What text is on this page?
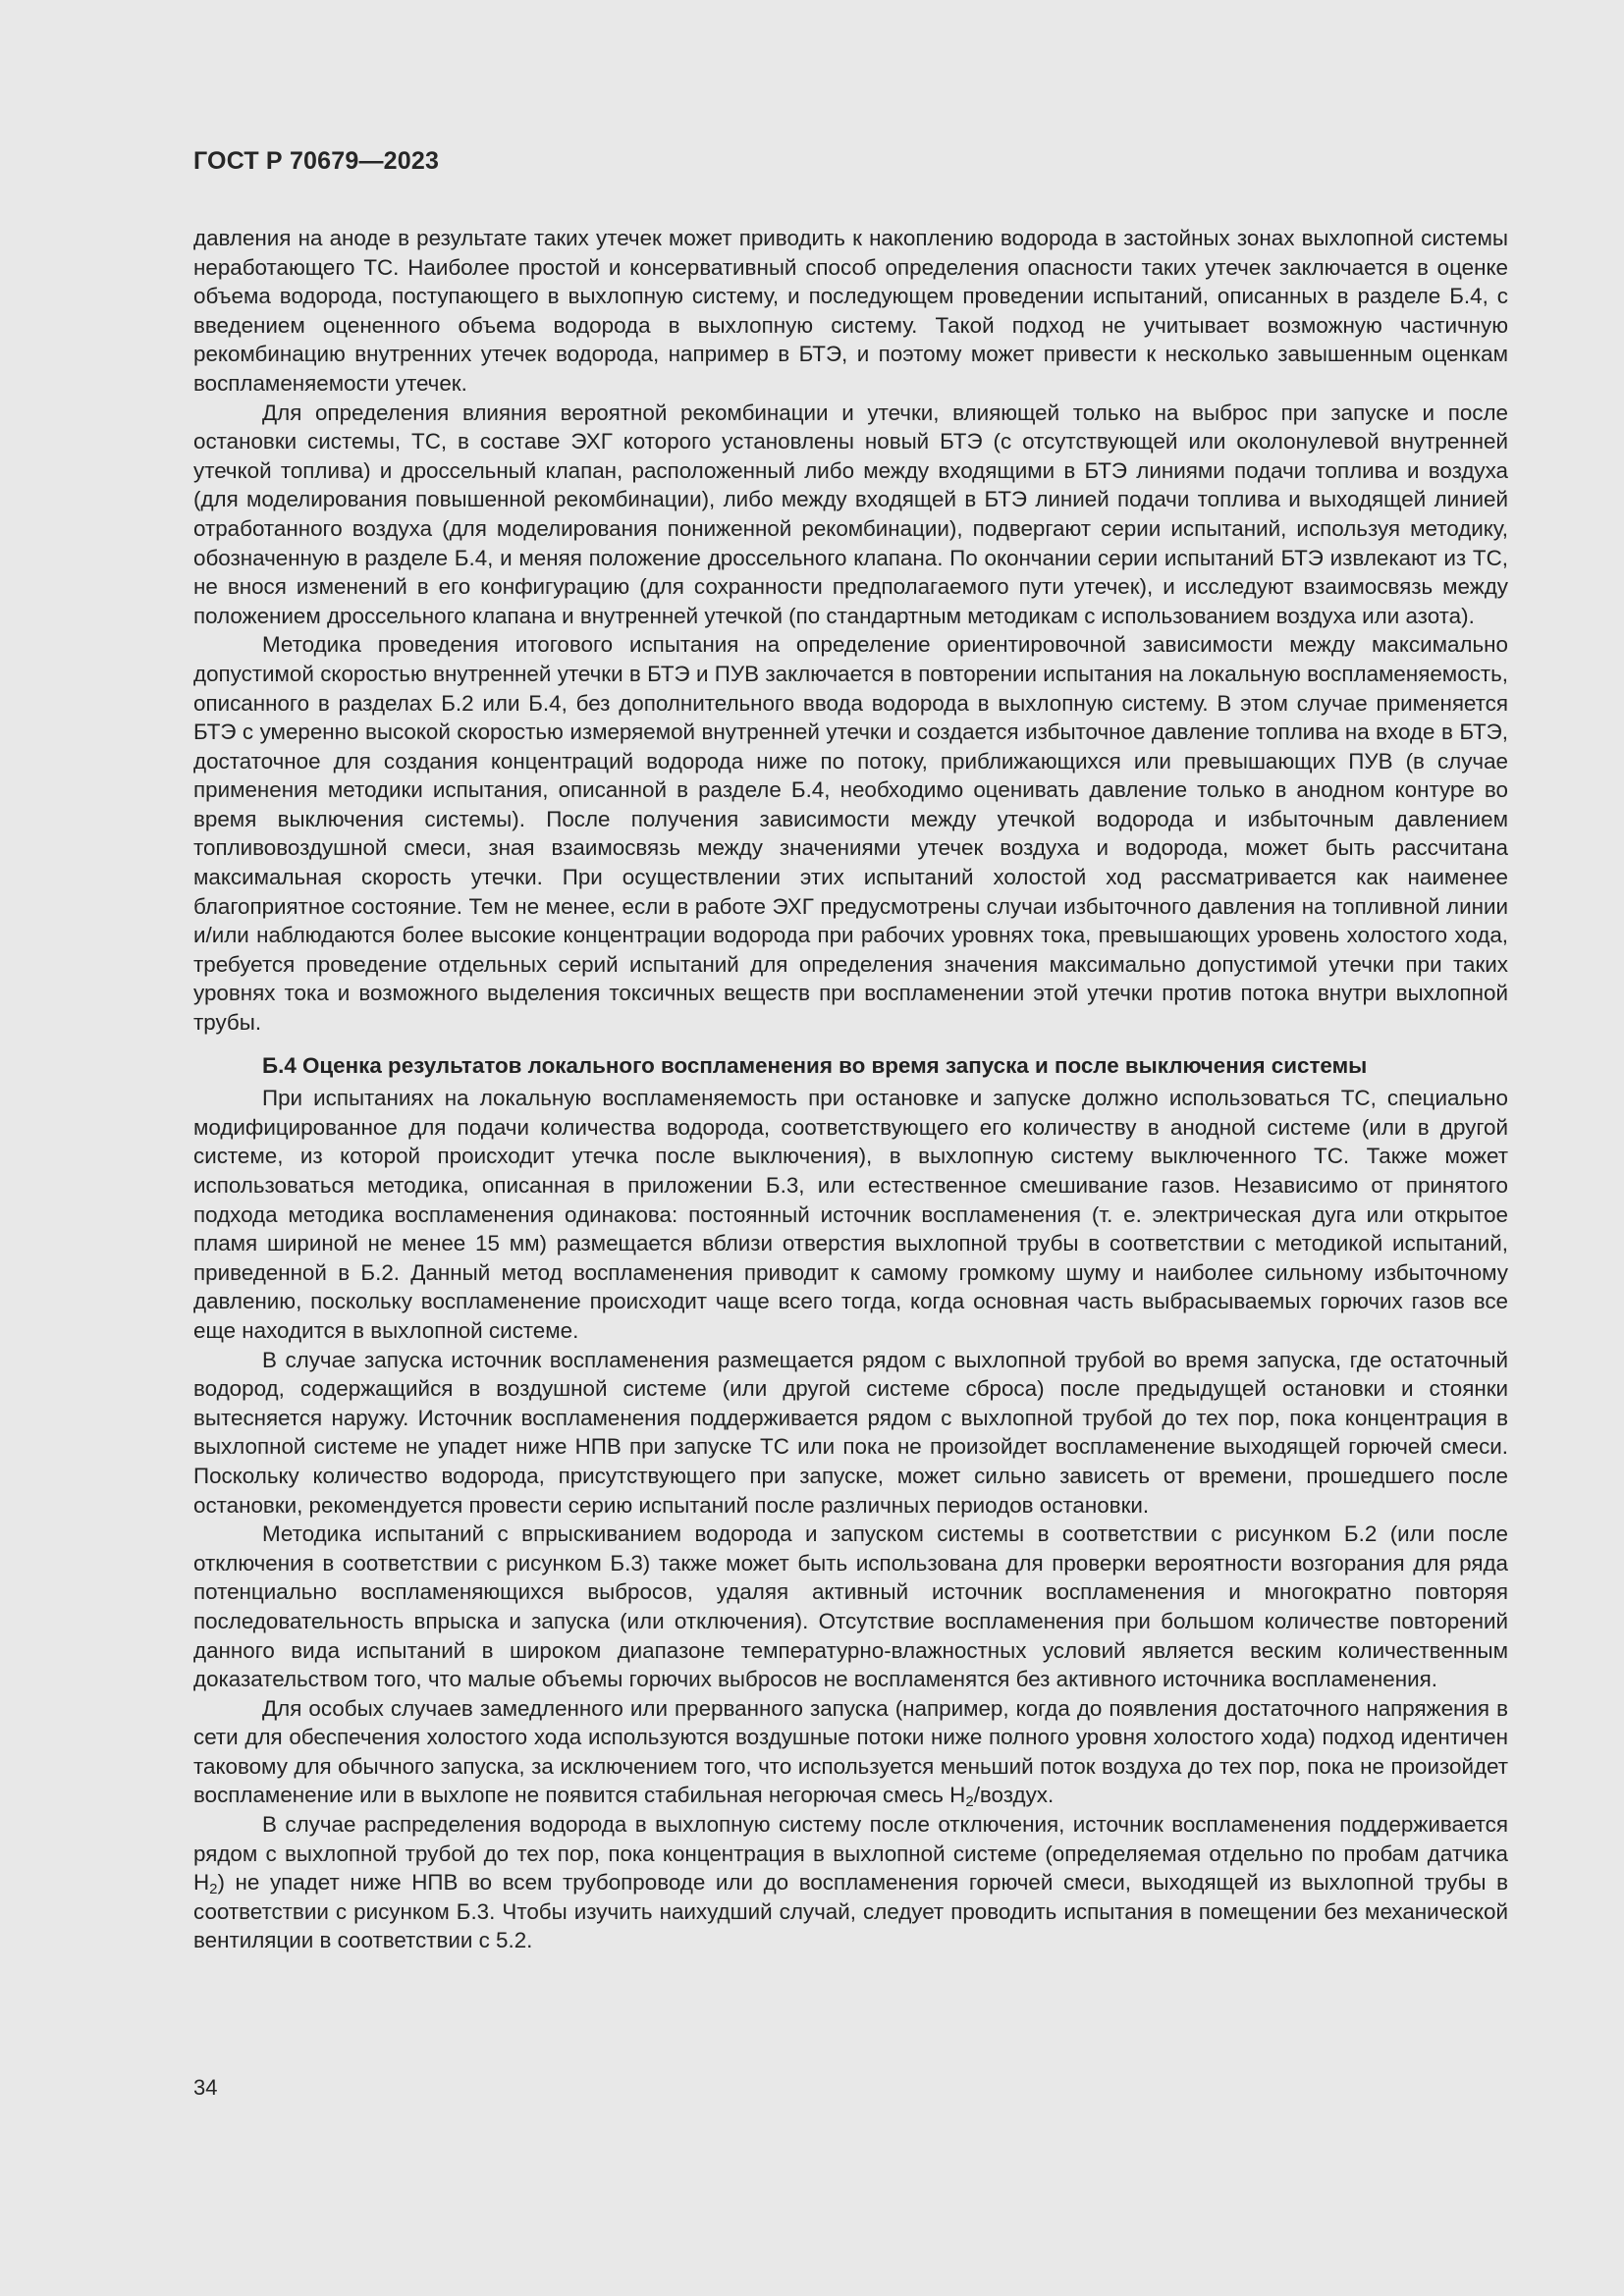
ГОСТ Р 70679—2023

давления на аноде в результате таких утечек может приводить к накоплению водорода в застойных зонах выхлопной системы неработающего ТС. Наиболее простой и консервативный способ определения опасности таких утечек заключается в оценке объема водорода, поступающего в выхлопную систему, и последующем проведении испытаний, описанных в разделе Б.4, с введением оцененного объема водорода в выхлопную систему. Такой подход не учитывает возможную частичную рекомбинацию внутренних утечек водорода, например в БТЭ, и поэтому может привести к несколько завышенным оценкам воспламеняемости утечек.

Для определения влияния вероятной рекомбинации и утечки, влияющей только на выброс при запуске и после остановки системы, ТС, в составе ЭХГ которого установлены новый БТЭ (с отсутствующей или околонулевой внутренней утечкой топлива) и дроссельный клапан, расположенный либо между входящими в БТЭ линиями подачи топлива и воздуха (для моделирования повышенной рекомбинации), либо между входящей в БТЭ линией подачи топлива и выходящей линией отработанного воздуха (для моделирования пониженной рекомбинации), подвергают серии испытаний, используя методику, обозначенную в разделе Б.4, и меняя положение дроссельного клапана. По окончании серии испытаний БТЭ извлекают из ТС, не внося изменений в его конфигурацию (для сохранности предполагаемого пути утечек), и исследуют взаимосвязь между положением дроссельного клапана и внутренней утечкой (по стандартным методикам с использованием воздуха или азота).

Методика проведения итогового испытания на определение ориентировочной зависимости между максимально допустимой скоростью внутренней утечки в БТЭ и ПУВ заключается в повторении испытания на локальную воспламеняемость, описанного в разделах Б.2 или Б.4, без дополнительного ввода водорода в выхлопную систему. В этом случае применяется БТЭ с умеренно высокой скоростью измеряемой внутренней утечки и создается избыточное давление топлива на входе в БТЭ, достаточное для создания концентраций водорода ниже по потоку, приближающихся или превышающих ПУВ (в случае применения методики испытания, описанной в разделе Б.4, необходимо оценивать давление только в анодном контуре во время выключения системы). После получения зависимости между утечкой водорода и избыточным давлением топливовоздушной смеси, зная взаимосвязь между значениями утечек воздуха и водорода, может быть рассчитана максимальная скорость утечки. При осуществлении этих испытаний холостой ход рассматривается как наименее благоприятное состояние. Тем не менее, если в работе ЭХГ предусмотрены случаи избыточного давления на топливной линии и/или наблюдаются более высокие концентрации водорода при рабочих уровнях тока, превышающих уровень холостого хода, требуется проведение отдельных серий испытаний для определения значения максимально допустимой утечки при таких уровнях тока и возможного выделения токсичных веществ при воспламенении этой утечки против потока внутри выхлопной трубы.

Б.4 Оценка результатов локального воспламенения во время запуска и после выключения системы

При испытаниях на локальную воспламеняемость при остановке и запуске должно использоваться ТС, специально модифицированное для подачи количества водорода, соответствующего его количеству в анодной системе (или в другой системе, из которой происходит утечка после выключения), в выхлопную систему выключенного ТС. Также может использоваться методика, описанная в приложении Б.3, или естественное смешивание газов. Независимо от принятого подхода методика воспламенения одинакова: постоянный источник воспламенения (т. е. электрическая дуга или открытое пламя шириной не менее 15 мм) размещается вблизи отверстия выхлопной трубы в соответствии с методикой испытаний, приведенной в Б.2. Данный метод воспламенения приводит к самому громкому шуму и наиболее сильному избыточному давлению, поскольку воспламенение происходит чаще всего тогда, когда основная часть выбрасываемых горючих газов все еще находится в выхлопной системе.

В случае запуска источник воспламенения размещается рядом с выхлопной трубой во время запуска, где остаточный водород, содержащийся в воздушной системе (или другой системе сброса) после предыдущей остановки и стоянки вытесняется наружу. Источник воспламенения поддерживается рядом с выхлопной трубой до тех пор, пока концентрация в выхлопной системе не упадет ниже НПВ при запуске ТС или пока не произойдет воспламенение выходящей горючей смеси. Поскольку количество водорода, присутствующего при запуске, может сильно зависеть от времени, прошедшего после остановки, рекомендуется провести серию испытаний после различных периодов остановки.

Методика испытаний с впрыскиванием водорода и запуском системы в соответствии с рисунком Б.2 (или после отключения в соответствии с рисунком Б.3) также может быть использована для проверки вероятности возгорания для ряда потенциально воспламеняющихся выбросов, удаляя активный источник воспламенения и многократно повторяя последовательность впрыска и запуска (или отключения). Отсутствие воспламенения при большом количестве повторений данного вида испытаний в широком диапазоне температурно-влажностных условий является веским количественным доказательством того, что малые объемы горючих выбросов не воспламенятся без активного источника воспламенения.

Для особых случаев замедленного или прерванного запуска (например, когда до появления достаточного напряжения в сети для обеспечения холостого хода используются воздушные потоки ниже полного уровня холостого хода) подход идентичен таковому для обычного запуска, за исключением того, что используется меньший поток воздуха до тех пор, пока не произойдет воспламенение или в выхлопе не появится стабильная негорючая смесь $H_2$/воздух.

В случае распределения водорода в выхлопную систему после отключения, источник воспламенения поддерживается рядом с выхлопной трубой до тех пор, пока концентрация в выхлопной системе (определяемая отдельно по пробам датчика $H_2$) не упадет ниже НПВ во всем трубопроводе или до воспламенения горючей смеси, выходящей из выхлопной трубы в соответствии с рисунком Б.3. Чтобы изучить наихудший случай, следует проводить испытания в помещении без механической вентиляции в соответствии с 5.2.

34
